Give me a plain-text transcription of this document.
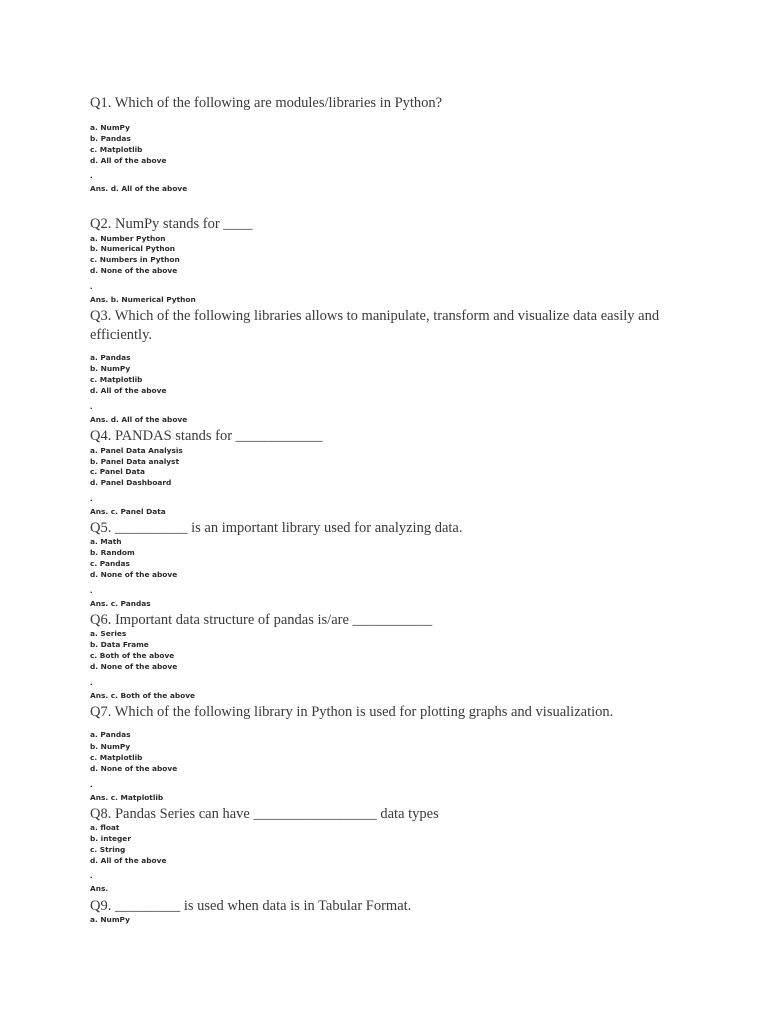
Q1. Which of the following are modules/libraries in Python?
a. NumPy
b. Pandas
c. Matplotlib
d. All of the above
.
Ans. d. All of the above
Q2. NumPy stands for ____
a. Number Python
b. Numerical Python
c. Numbers in Python
d. None of the above
.
Ans. b. Numerical Python
Q3. Which of the following libraries allows to manipulate, transform and visualize data easily and efficiently.
a. Pandas
b. NumPy
c. Matplotlib
d. All of the above
.
Ans. d. All of the above
Q4. PANDAS stands for ____________
a. Panel Data Analysis
b. Panel Data analyst
c. Panel Data
d. Panel Dashboard
.
Ans. c. Panel Data
Q5. __________ is an important library used for analyzing data.
a. Math
b. Random
c. Pandas
d. None of the above
.
Ans. c. Pandas
Q6. Important data structure of pandas is/are ___________
a. Series
b. Data Frame
c. Both of the above
d. None of the above
.
Ans. c. Both of the above
Q7. Which of the following library in Python is used for plotting graphs and visualization.
a. Pandas
b. NumPy
c. Matplotlib
d. None of the above
.
Ans. c. Matplotlib
Q8. Pandas Series can have _________________ data types
a. float
b. integer
c. String
d. All of the above
.
Ans.
Q9. _________ is used when data is in Tabular Format.
a. NumPy
